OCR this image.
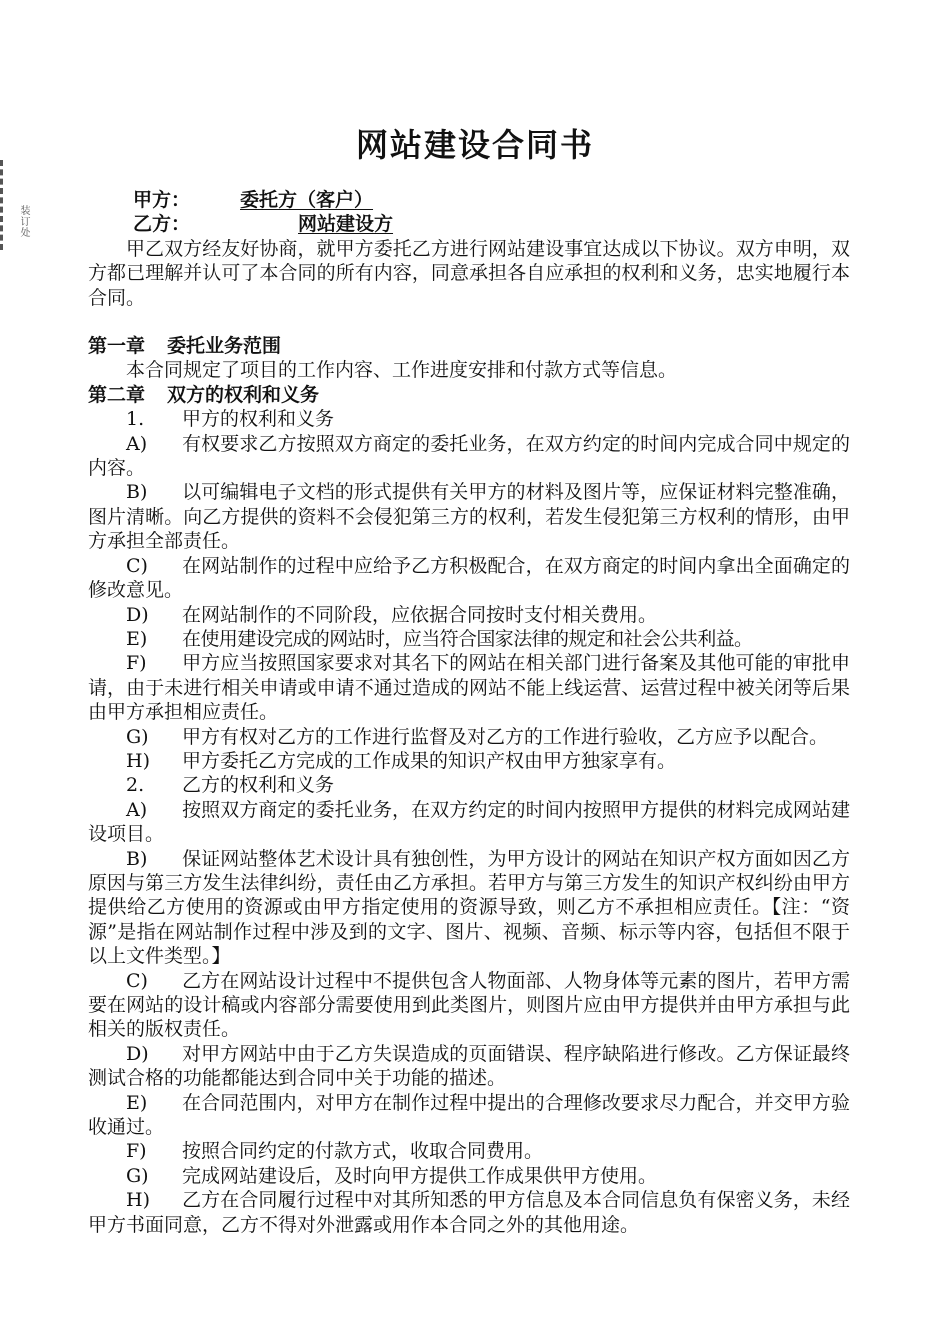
装订处
网站建设合同书
甲方：	委托方（客户）
乙方：	网站建设方
甲乙双方经友好协商，就甲方委托乙方进行网站建设事宜达成以下协议。双方申明，双方都已理解并认可了本合同的所有内容，同意承担各自应承担的权利和义务，忠实地履行本合同。
第一章 委托业务范围
本合同规定了项目的工作内容、工作进度安排和付款方式等信息。
第二章 双方的权利和义务
1. 甲方的权利和义务
A) 有权要求乙方按照双方商定的委托业务，在双方约定的时间内完成合同中规定的内容。
B) 以可编辑电子文档的形式提供有关甲方的材料及图片等，应保证材料完整准确，图片清晰。向乙方提供的资料不会侵犯第三方的权利，若发生侵犯第三方权利的情形，由甲方承担全部责任。
C) 在网站制作的过程中应给予乙方积极配合，在双方商定的时间内拿出全面确定的修改意见。
D) 在网站制作的不同阶段，应依据合同按时支付相关费用。
E) 在使用建设完成的网站时，应当符合国家法律的规定和社会公共利益。
F) 甲方应当按照国家要求对其名下的网站在相关部门进行备案及其他可能的审批申请，由于未进行相关申请或申请不通过造成的网站不能上线运营、运营过程中被关闭等后果由甲方承担相应责任。
G) 甲方有权对乙方的工作进行监督及对乙方的工作进行验收，乙方应予以配合。
H) 甲方委托乙方完成的工作成果的知识产权由甲方独家享有。
2. 乙方的权利和义务
A) 按照双方商定的委托业务，在双方约定的时间内按照甲方提供的材料完成网站建设项目。
B) 保证网站整体艺术设计具有独创性，为甲方设计的网站在知识产权方面如因乙方原因与第三方发生法律纠纷，责任由乙方承担。若甲方与第三方发生的知识产权纠纷由甲方提供给乙方使用的资源或由甲方指定使用的资源导致，则乙方不承担相应责任。【注：“资源”是指在网站制作过程中涉及到的文字、图片、视频、音频、标示等内容，包括但不限于以上文件类型。】
C) 乙方在网站设计过程中不提供包含人物面部、人物身体等元素的图片，若甲方需要在网站的设计稿或内容部分需要使用到此类图片，则图片应由甲方提供并由甲方承担与此相关的版权责任。
D) 对甲方网站中由于乙方失误造成的页面错误、程序缺陷进行修改。乙方保证最终测试合格的功能都能达到合同中关于功能的描述。
E) 在合同范围内，对甲方在制作过程中提出的合理修改要求尽力配合，并交甲方验收通过。
F) 按照合同约定的付款方式，收取合同费用。
G) 完成网站建设后，及时向甲方提供工作成果供甲方使用。
H) 乙方在合同履行过程中对其所知悉的甲方信息及本合同信息负有保密义务，未经甲方书面同意，乙方不得对外泄露或用作本合同之外的其他用途。
